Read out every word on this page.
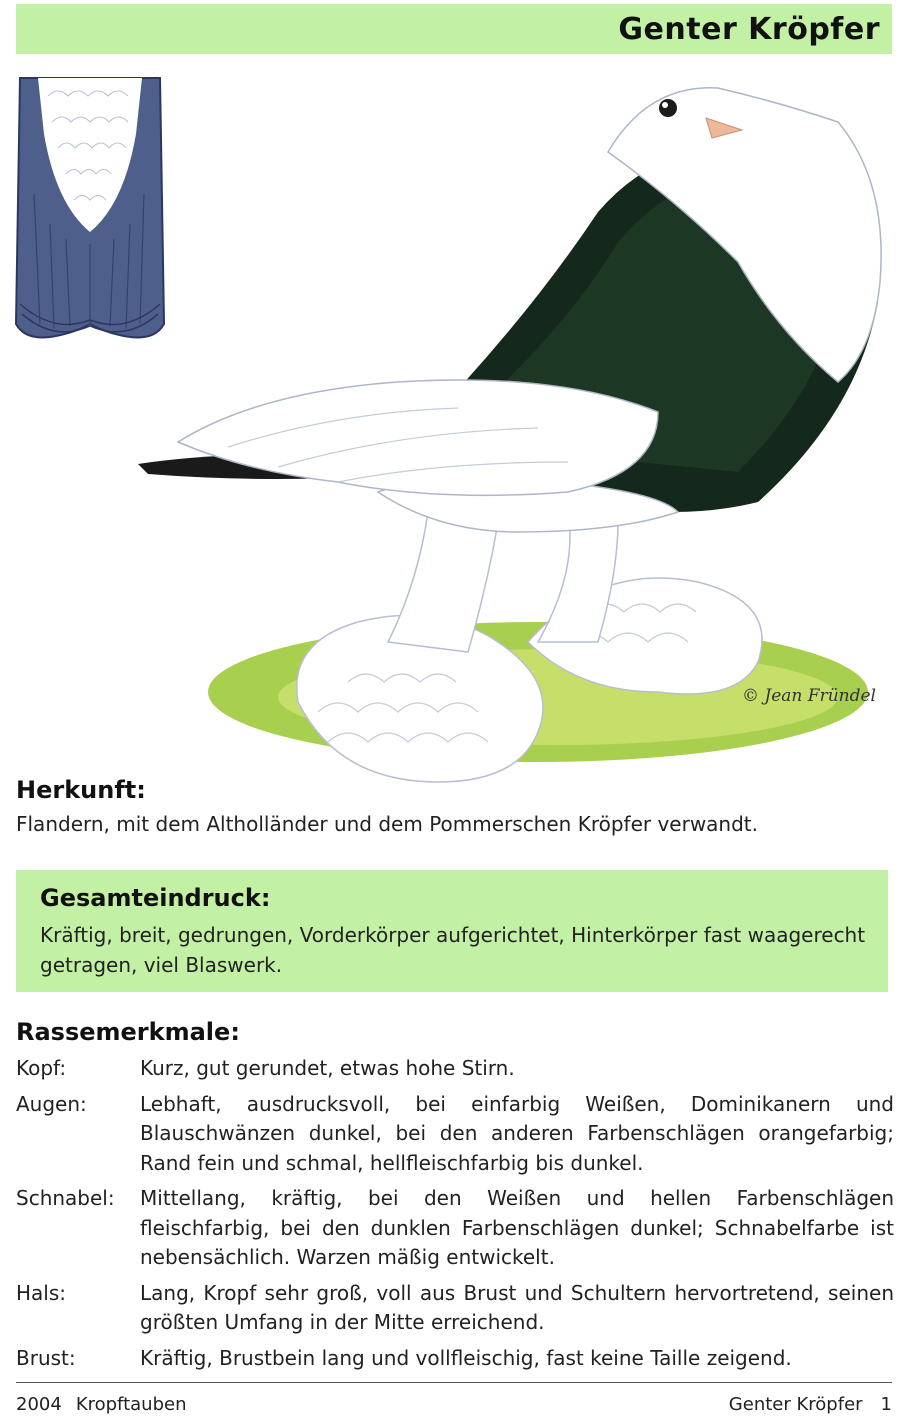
Genter Kröpfer
© Jean Fründel
Herkunft:
Flandern, mit dem Altholländer und dem Pommerschen Kröpfer verwandt.
Gesamteindruck:
Kräftig, breit, gedrungen, Vorderkörper aufgerichtet, Hinterkörper fast waagerecht getragen, viel Blaswerk.
Rassemerkmale:
Kopf:	Kurz, gut gerundet, etwas hohe Stirn.
Augen:	Lebhaft, ausdrucksvoll, bei einfarbig Weißen, Dominikanern und Blauschwänzen dunkel, bei den anderen Farbenschlägen orangefarbig; Rand fein und schmal, hellfleischfarbig bis dunkel.
Schnabel:	Mittellang, kräftig, bei den Weißen und hellen Farbenschlägen fleischfarbig, bei den dunklen Farbenschlägen dunkel; Schnabelfarbe ist nebensächlich. Warzen mäßig entwickelt.
Hals:	Lang, Kropf sehr groß, voll aus Brust und Schultern hervortretend, seinen größten Umfang in der Mitte erreichend.
Brust:	Kräftig, Brustbein lang und vollfleischig, fast keine Taille zeigend.
2004 Kropftauben	Genter Kröpfer 1
